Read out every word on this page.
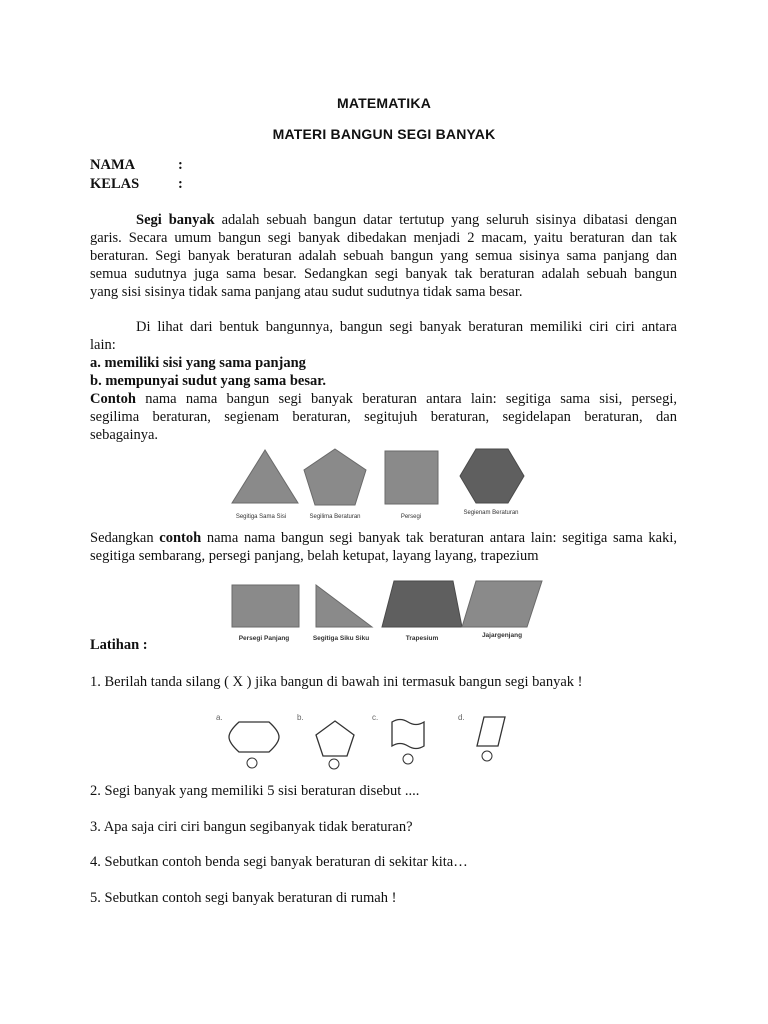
MATEMATIKA
MATERI BANGUN SEGI BANYAK
NAMA	:
KELAS	:
Segi banyak adalah sebuah bangun datar tertutup yang seluruh sisinya dibatasi dengan
garis. Secara umum bangun segi banyak dibedakan menjadi 2 macam, yaitu beraturan dan tak
beraturan. Segi banyak beraturan adalah sebuah bangun yang semua sisinya sama panjang dan
semua sudutnya juga sama besar. Sedangkan segi banyak tak beraturan adalah sebuah bangun
yang sisi sisinya tidak sama panjang atau sudut sudutnya tidak sama besar.
Di lihat dari bentuk bangunnya, bangun segi banyak beraturan memiliki ciri ciri antara
lain:
a. memiliki sisi yang sama panjang
b. mempunyai sudut yang sama besar.
Contoh nama nama bangun segi banyak beraturan antara lain: segitiga sama sisi, persegi,
segilima beraturan, segienam beraturan, segitujuh beraturan, segidelapan beraturan, dan
sebagainya.
Segitiga Sama Sisi	Segilima Beraturan	Persegi
Segienam Beraturan
Sedangkan contoh nama nama bangun segi banyak tak beraturan antara lain: segitiga sama kaki,
segitiga sembarang, persegi panjang, belah ketupat, layang layang, trapezium
Persegi Panjang	Segitiga Siku Siku	Trapesium	Jajargenjang
Latihan :
1. Berilah tanda silang ( X ) jika bangun di bawah ini termasuk bangun segi banyak !
a.	b.	c.	d.
2. Segi banyak yang memiliki 5 sisi beraturan disebut ....
3. Apa saja ciri ciri bangun segibanyak tidak beraturan?
4. Sebutkan contoh benda segi banyak beraturan di sekitar kita…
5. Sebutkan contoh segi banyak beraturan di rumah !
